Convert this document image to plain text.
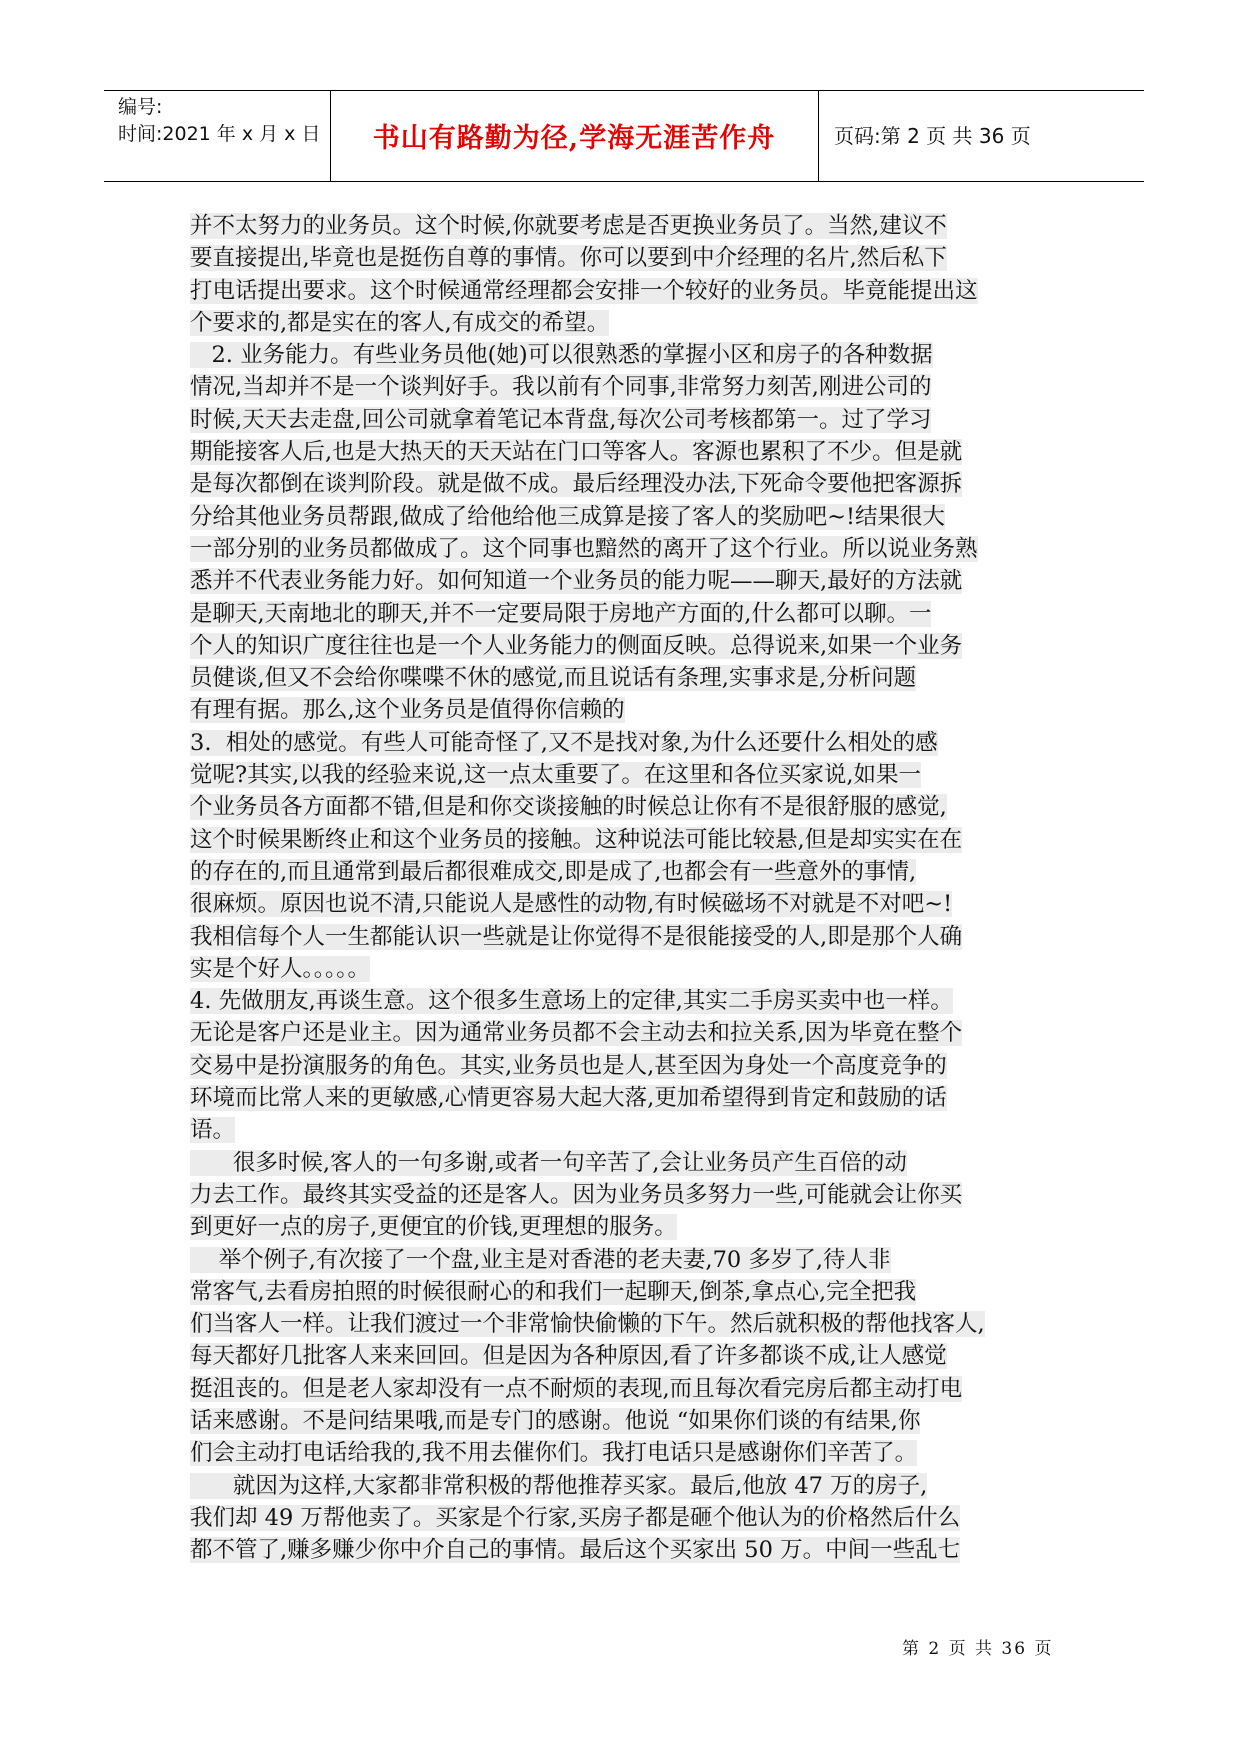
编号:
时间:2021 年 x 月 x 日	书山有路勤为径,学海无涯苦作舟	页码:第 2 页 共 36 页
并不太努力的业务员。这个时候,你就要考虑是否更换业务员了。当然,建议不
要直接提出,毕竟也是挺伤自尊的事情。你可以要到中介经理的名片,然后私下
打电话提出要求。这个时候通常经理都会安排一个较好的业务员。毕竟能提出这
个要求的,都是实在的客人,有成交的希望。
2. 业务能力。有些业务员他(她)可以很熟悉的掌握小区和房子的各种数据
情况,当却并不是一个谈判好手。我以前有个同事,非常努力刻苦,刚进公司的
时候,天天去走盘,回公司就拿着笔记本背盘,每次公司考核都第一。过了学习
期能接客人后,也是大热天的天天站在门口等客人。客源也累积了不少。但是就
是每次都倒在谈判阶段。就是做不成。最后经理没办法,下死命令要他把客源拆
分给其他业务员帮跟,做成了给他给他三成算是接了客人的奖励吧~!结果很大
一部分别的业务员都做成了。这个同事也黯然的离开了这个行业。所以说业务熟
悉并不代表业务能力好。如何知道一个业务员的能力呢——聊天,最好的方法就
是聊天,天南地北的聊天,并不一定要局限于房地产方面的,什么都可以聊。一
个人的知识广度往往也是一个人业务能力的侧面反映。总得说来,如果一个业务
员健谈,但又不会给你喋喋不休的感觉,而且说话有条理,实事求是,分析问题
有理有据。那么,这个业务员是值得你信赖的
3.  相处的感觉。有些人可能奇怪了,又不是找对象,为什么还要什么相处的感
觉呢?其实,以我的经验来说,这一点太重要了。在这里和各位买家说,如果一
个业务员各方面都不错,但是和你交谈接触的时候总让你有不是很舒服的感觉,
这个时候果断终止和这个业务员的接触。这种说法可能比较悬,但是却实实在在
的存在的,而且通常到最后都很难成交,即是成了,也都会有一些意外的事情,
很麻烦。原因也说不清,只能说人是感性的动物,有时候磁场不对就是不对吧~!
我相信每个人一生都能认识一些就是让你觉得不是很能接受的人,即是那个人确
实是个好人。。。。。
4. 先做朋友,再谈生意。这个很多生意场上的定律,其实二手房买卖中也一样。
无论是客户还是业主。因为通常业务员都不会主动去和拉关系,因为毕竟在整个
交易中是扮演服务的角色。其实,业务员也是人,甚至因为身处一个高度竞争的
环境而比常人来的更敏感,心情更容易大起大落,更加希望得到肯定和鼓励的话
语。
很多时候,客人的一句多谢,或者一句辛苦了,会让业务员产生百倍的动
力去工作。最终其实受益的还是客人。因为业务员多努力一些,可能就会让你买
到更好一点的房子,更便宜的价钱,更理想的服务。
举个例子,有次接了一个盘,业主是对香港的老夫妻,70 多岁了,待人非
常客气,去看房拍照的时候很耐心的和我们一起聊天,倒茶,拿点心,完全把我
们当客人一样。让我们渡过一个非常愉快偷懒的下午。然后就积极的帮他找客人,
每天都好几批客人来来回回。但是因为各种原因,看了许多都谈不成,让人感觉
挺沮丧的。但是老人家却没有一点不耐烦的表现,而且每次看完房后都主动打电
话来感谢。不是问结果哦,而是专门的感谢。他说 “如果你们谈的有结果,你
们会主动打电话给我的,我不用去催你们。我打电话只是感谢你们辛苦了。
就因为这样,大家都非常积极的帮他推荐买家。最后,他放 47 万的房子,
我们却 49 万帮他卖了。买家是个行家,买房子都是砸个他认为的价格然后什么
都不管了,赚多赚少你中介自己的事情。最后这个买家出 50 万。中间一些乱七
第 2 页 共 36 页
